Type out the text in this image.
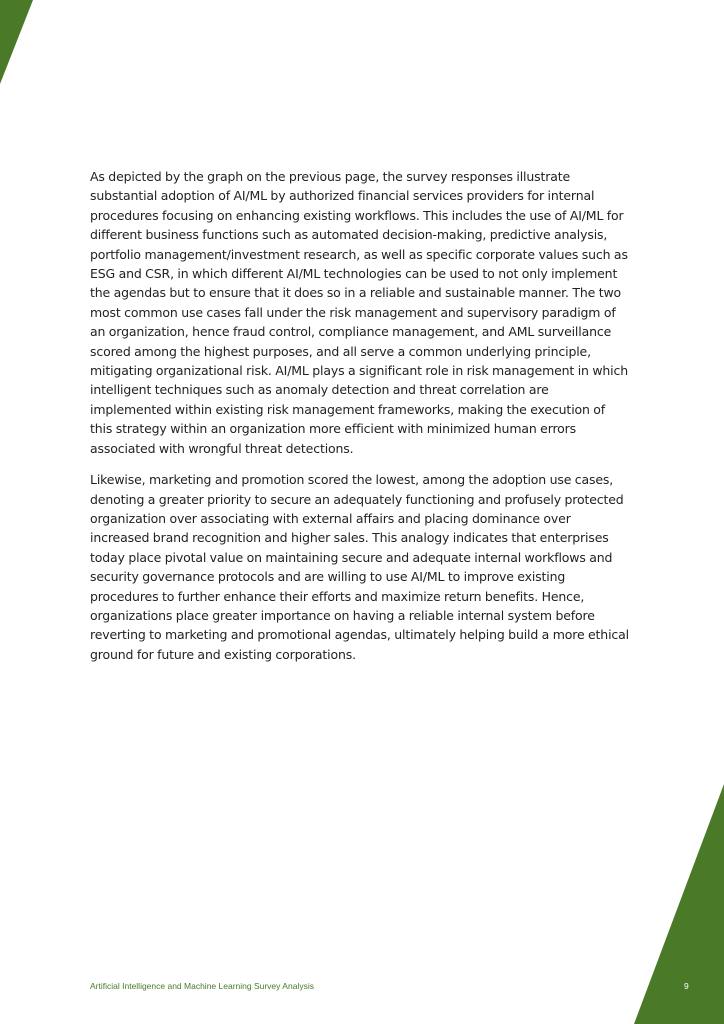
As depicted by the graph on the previous page, the survey responses illustrate substantial adoption of AI/ML by authorized financial services providers for internal procedures focusing on enhancing existing workflows. This includes the use of AI/ML for different business functions such as automated decision-making, predictive analysis, portfolio management/investment research, as well as specific corporate values such as ESG and CSR, in which different AI/ML technologies can be used to not only implement the agendas but to ensure that it does so in a reliable and sustainable manner. The two most common use cases fall under the risk management and supervisory paradigm of an organization, hence fraud control, compliance management, and AML surveillance scored among the highest purposes, and all serve a common underlying principle, mitigating organizational risk. AI/ML plays a significant role in risk management in which intelligent techniques such as anomaly detection and threat correlation are implemented within existing risk management frameworks, making the execution of this strategy within an organization more efficient with minimized human errors associated with wrongful threat detections.

Likewise, marketing and promotion scored the lowest, among the adoption use cases, denoting a greater priority to secure an adequately functioning and profusely protected organization over associating with external affairs and placing dominance over increased brand recognition and higher sales. This analogy indicates that enterprises today place pivotal value on maintaining secure and adequate internal workflows and security governance protocols and are willing to use AI/ML to improve existing procedures to further enhance their efforts and maximize return benefits. Hence, organizations place greater importance on having a reliable internal system before reverting to marketing and promotional agendas, ultimately helping build a more ethical ground for future and existing corporations.

Artificial Intelligence and Machine Learning Survey Analysis	9
